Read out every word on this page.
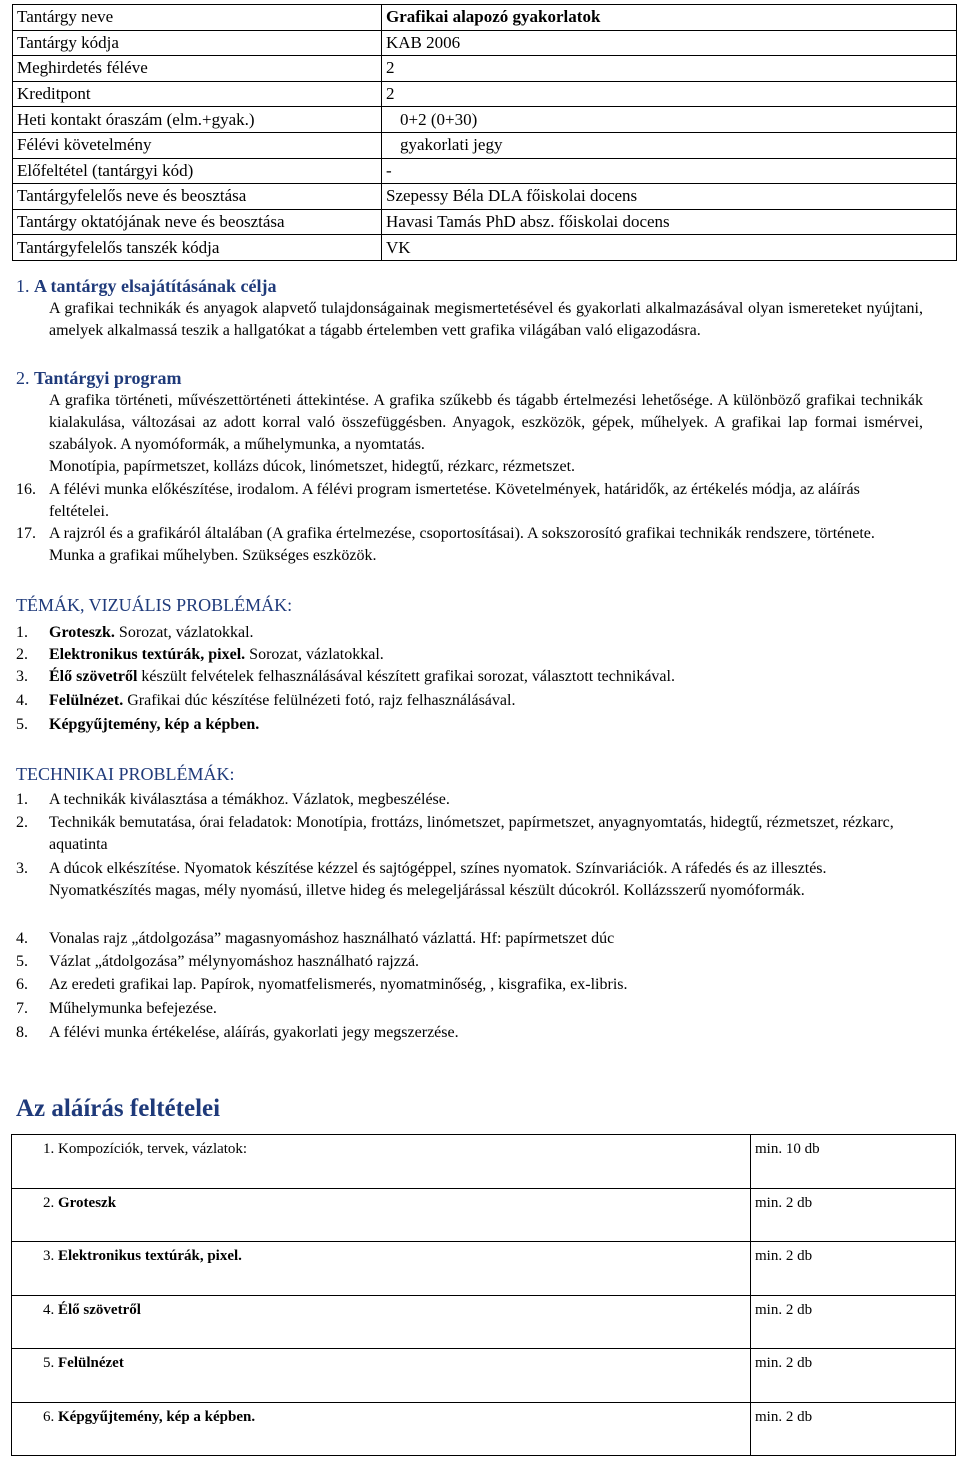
Tantárgy neve	Grafikai alapozó gyakorlatok
Tantárgy kódja	KAB 2006
Meghirdetés féléve	2
Kreditpont	2
Heti kontakt óraszám (elm.+gyak.)	0+2 (0+30)
Félévi követelmény	gyakorlati jegy
Előfeltétel (tantárgyi kód)	-
Tantárgyfelelős neve és beosztása	Szepessy Béla DLA főiskolai docens
Tantárgy oktatójának neve és beosztása	Havasi Tamás PhD absz. főiskolai docens
Tantárgyfelelős tanszék kódja	VK
1. A tantárgy elsajátításának célja
A grafikai technikák és anyagok alapvető tulajdonságainak megismertetésével és gyakorlati alkalmazásával olyan ismereteket nyújtani, amelyek alkalmassá teszik a hallgatókat a tágabb értelemben vett grafika világában való eligazodásra.
2. Tantárgyi program
A grafika történeti, művészettörténeti áttekintése. A grafika szűkebb és tágabb értelmezési lehetősége. A különböző grafikai technikák kialakulása, változásai az adott korral való összefüggésben. Anyagok, eszközök, gépek, műhelyek. A grafikai lap formai ismérvei, szabályok. A nyomóformák, a műhelymunka, a nyomtatás.
Monotípia, papírmetszet, kollázs dúcok, linómetszet, hidegtű, rézkarc, rézmetszet.
16. A félévi munka előkészítése, irodalom. A félévi program ismertetése. Követelmények, határidők, az értékelés módja, az aláírás feltételei.
17. A rajzról és a grafikáról általában (A grafika értelmezése, csoportosításai). A sokszorosító grafikai technikák rendszere, története. Munka a grafikai műhelyben. Szükséges eszközök.
TÉMÁK, VIZUÁLIS PROBLÉMÁK:
1. Groteszk. Sorozat, vázlatokkal.
2. Elektronikus textúrák, pixel. Sorozat, vázlatokkal.
3. Élő szövetről készült felvételek felhasználásával készített grafikai sorozat, választott technikával.
4. Felülnézet. Grafikai dúc készítése felülnézeti fotó, rajz felhasználásával.
5. Képgyűjtemény, kép a képben.
TECHNIKAI PROBLÉMÁK:
1. A technikák kiválasztása a témákhoz. Vázlatok, megbeszélése.
2. Technikák bemutatása, órai feladatok: Monotípia, frottázs, linómetszet, papírmetszet, anyagnyomtatás, hidegtű, rézmetszet, rézkarc, aquatinta
3. A dúcok elkészítése. Nyomatok készítése kézzel és sajtógéppel, színes nyomatok. Színvariációk. A ráfedés és az illesztés. Nyomatkészítés magas, mély nyomású, illetve hideg és melegeljárással készült dúcokról. Kollázsszerű nyomóformák.
4. Vonalas rajz „átdolgozása” magasnyomáshoz használható vázlattá. Hf: papírmetszet dúc
5. Vázlat „átdolgozása” mélynyomáshoz használható rajzzá.
6. Az eredeti grafikai lap. Papírok, nyomatfelismerés, nyomatminőség, , kisgrafika, ex-libris.
7. Műhelymunka befejezése.
8. A félévi munka értékelése, aláírás, gyakorlati jegy megszerzése.
Az aláírás feltételei
1. Kompozíciók, tervek, vázlatok:	min. 10 db
2. Groteszk	min. 2 db
3. Elektronikus textúrák, pixel.	min. 2 db
4. Élő szövetről	min. 2 db
5. Felülnézet	min. 2 db
6. Képgyűjtemény, kép a képben.	min. 2 db
